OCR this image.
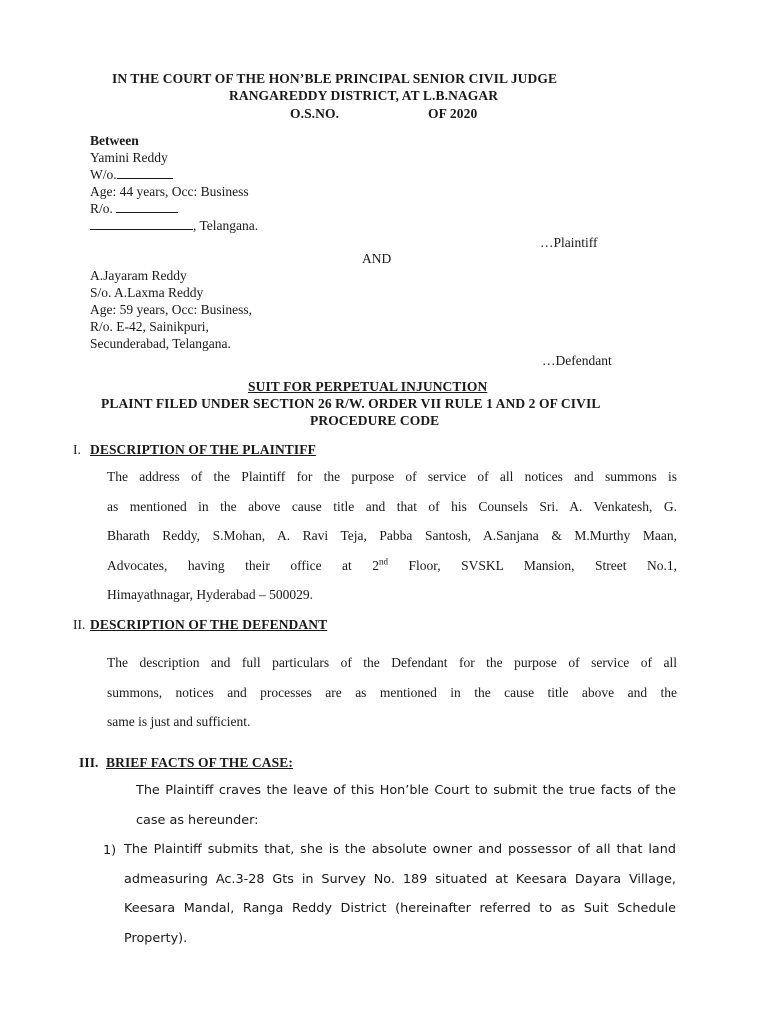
IN THE COURT OF THE HON’BLE PRINCIPAL SENIOR CIVIL JUDGE
RANGAREDDY DISTRICT, AT L.B.NAGAR
O.S.NO.	OF 2020
Between
Yamini Reddy
W/o.
Age: 44 years, Occ: Business
R/o.
, Telangana.
…Plaintiff
AND
A.Jayaram Reddy
S/o. A.Laxma Reddy
Age: 59 years, Occ: Business,
R/o. E-42, Sainikpuri,
Secunderabad, Telangana.
…Defendant
SUIT FOR PERPETUAL INJUNCTION
PLAINT FILED UNDER SECTION 26 R/W. ORDER VII RULE 1 AND 2 OF CIVIL
PROCEDURE CODE
I. DESCRIPTION OF THE PLAINTIFF
The address of the Plaintiff for the purpose of service of all notices and summons is
as mentioned in the above cause title and that of his Counsels Sri. A. Venkatesh, G.
Bharath Reddy, S.Mohan, A. Ravi Teja, Pabba Santosh, A.Sanjana & M.Murthy Maan,
Advocates, having their office at 2nd Floor, SVSKL Mansion, Street No.1,
Himayathnagar, Hyderabad – 500029.
II. DESCRIPTION OF THE DEFENDANT
The description and full particulars of the Defendant for the purpose of service of all
summons, notices and processes are as mentioned in the cause title above and the
same is just and sufficient.
III. BRIEF FACTS OF THE CASE:
The Plaintiff craves the leave of this Hon’ble Court to submit the true facts of the
case as hereunder:
1) The Plaintiff submits that, she is the absolute owner and possessor of all that land
admeasuring Ac.3-28 Gts in Survey No. 189 situated at Keesara Dayara Village,
Keesara Mandal, Ranga Reddy District (hereinafter referred to as Suit Schedule
Property).
